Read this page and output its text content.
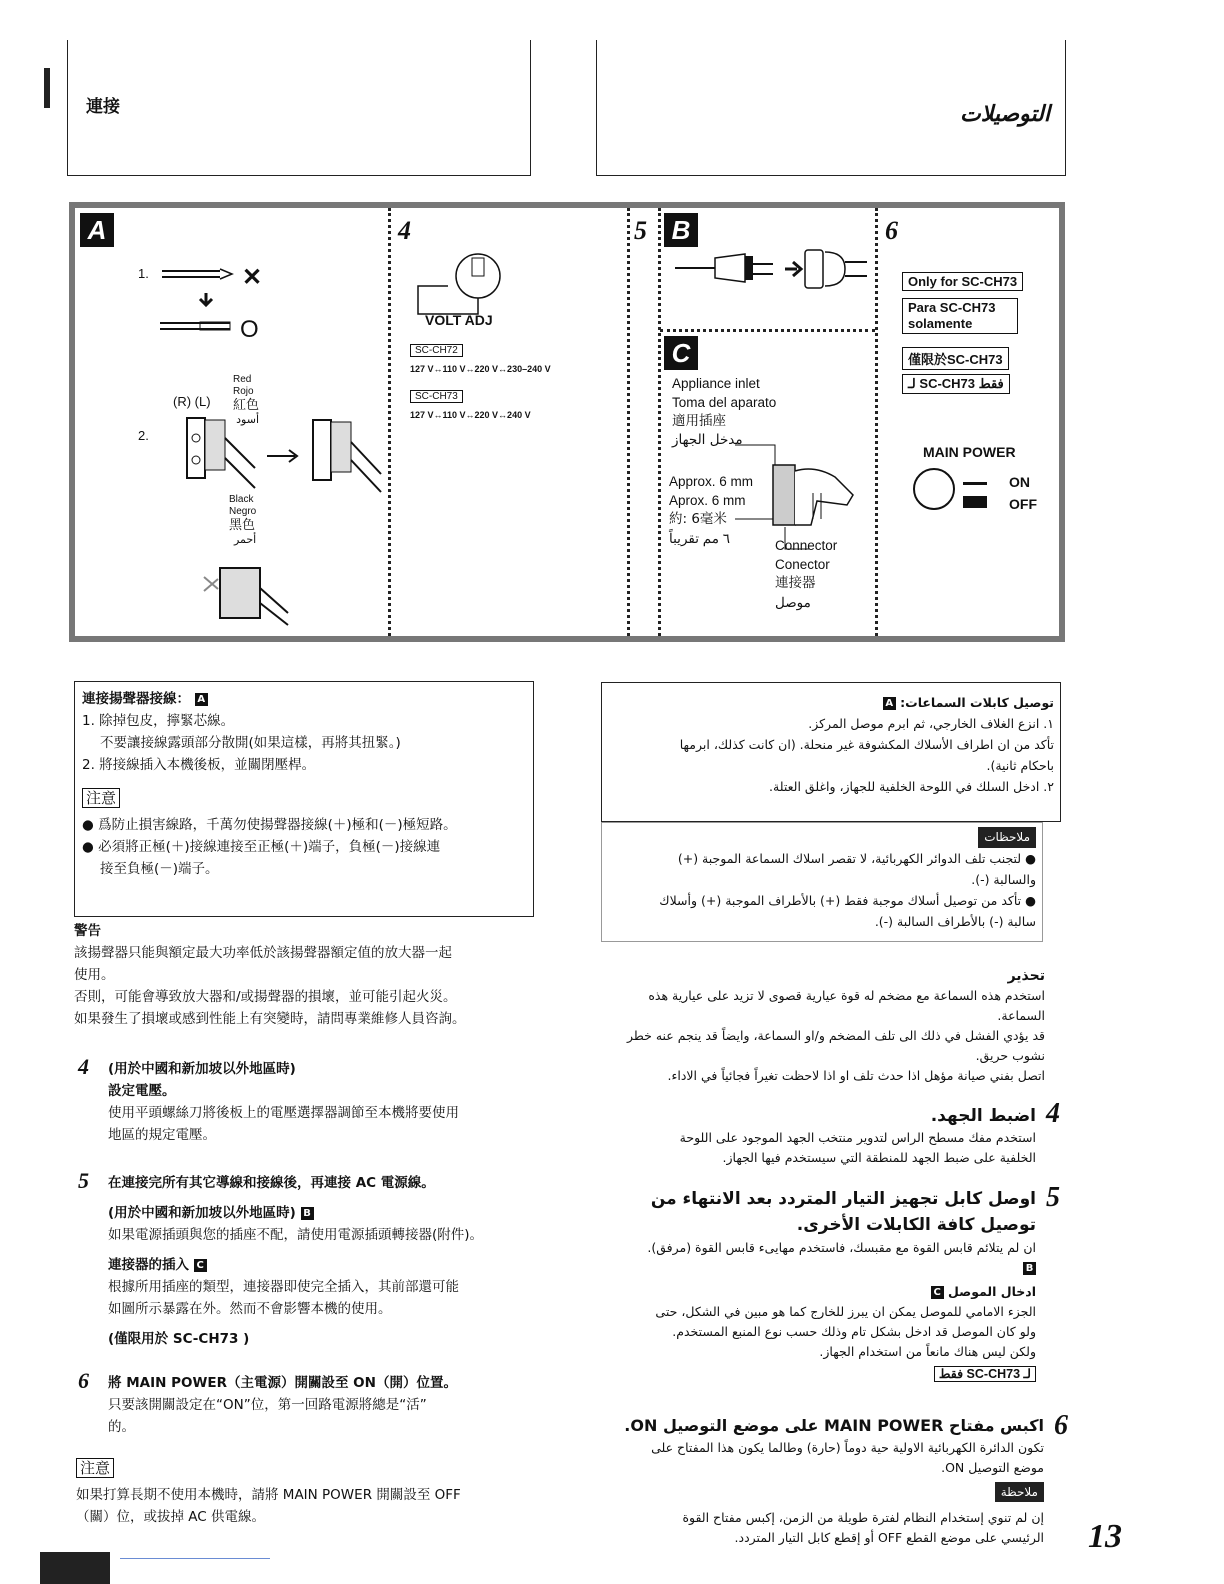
連接	التوصيلات
A
1.	✕
O
2.
(R) (L)
Red
Rojo
紅色
أسود
Black
Negro
黑色
أحمر
4
VOLT ADJ
SC-CH72
127 V↔110 V↔220 V↔230–240 V
SC-CH73
127 V↔110 V↔220 V↔240 V
5 B
C
Appliance inlet
Toma del aparato
適用插座
مدخل الجهاز
Approx. 6 mm
Aprox. 6 mm
約: 6毫米
٦ مم تقريباً	Connector
Conector
連接器
موصل
6
Only for SC-CH73
Para SC-CH73 solamente
僅限於SC-CH73
لـ SC-CH73 فقط
MAIN POWER
ON
OFF
連接揚聲器接線： A
1. 除掉包皮，擰緊芯線。
不要讓接線露頭部分散開(如果這樣，再將其扭緊。)
2. 將接線插入本機後板，並關閉壓桿。
注意
● 爲防止損害線路，千萬勿使揚聲器接線(＋)極和(－)極短路。
● 必須將正極(＋)接線連接至正極(＋)端子，負極(－)接線連
接至負極(－)端子。
警告
該揚聲器只能與額定最大功率低於該揚聲器額定值的放大器一起
使用。
否則，可能會導致放大器和/或揚聲器的損壞，並可能引起火災。
如果發生了損壞或感到性能上有突變時，請問專業維修人員咨詢。
4 (用於中國和新加坡以外地區時)
設定電壓。
使用平頭螺絲刀將後板上的電壓選擇器調節至本機將要使用
地區的規定電壓。
5 在連接完所有其它導線和接線後，再連接 AC 電源線。
(用於中國和新加坡以外地區時) B
如果電源插頭與您的插座不配，請使用電源插頭轉接器(附件)。
連接器的插入 C
根據所用插座的類型，連接器即使完全插入，其前部還可能
如圖所示暴露在外。然而不會影響本機的使用。
(僅限用於 SC-CH73 )
6 將 MAIN POWER（主電源）開關設至 ON（開）位置。
只要該開關設定在“ON”位，第一回路電源將總是“活”
的。
注意
如果打算長期不使用本機時，請將 MAIN POWER 開關設至 OFF
（關）位，或拔掉 AC 供電線。
توصيل كابلات السماعات: A
١. انزع الغلاف الخارجي، ثم ابرم موصل المركز.
تأكد من ان اطراف الأسلاك المكشوفة غير منحلة. (ان كانت كذلك، ابرمها
باحكام ثانية).
٢. ادخل السلك في اللوحة الخلفية للجهاز، واغلق العتلة.
ملاحظات
● لتجنب تلف الدوائر الكهربائية، لا تقصر اسلاك السماعة الموجبة (+)
والسالبة (-).
● تأكد من توصيل أسلاك موجبة فقط (+) بالأطراف الموجبة (+) وأسلاك
سالبة (-) بالأطراف السالبة (-).
تحذير
استخدم هذه السماعة مع مضخم له قوة عيارية قصوى لا تزيد على عيارية هذه
السماعة.
قد يؤدي الفشل في ذلك الى تلف المضخم و/او السماعة، وايضاً قد ينجم عنه خطر
نشوب حريق.
اتصل بفني صيانة مؤهل اذا حدث تلف او اذا لاحظت تغيراً فجائياً في الاداء.
4
اضبط الجهد.
استخدم مفك مسطح الراس لتدوير منتخب الجهد الموجود على اللوحة
الخلفية على ضبط الجهد للمنطقة التي سيستخدم فيها الجهاز.
5
اوصل كابل تجهيز التيار المتردد بعد الانتهاء من
توصيل كافة الكابلات الأخرى.
ان لم يتلائم قابس القوة مع مقبسك، فاستخدم مهايىء قابس القوة (مرفق).
B
ادخال الموصل C
الجزء الامامي للموصل يمكن ان يبرز للخارج كما هو مبين في الشكل، حتى
ولو كان الموصل قد ادخل بشكل تام وذلك حسب نوع المنبع المستخدم.
ولكن ليس هناك مانعاً من استخدام الجهاز.
لـ SC-CH73 فقط
6
اكبس مفتاح MAIN POWER على موضع التوصيل ON.
تكون الدائرة الكهربائية الاولية حية دوماً (حارة) وطالما يكون هذا المفتاح على
موضع التوصيل ON.
ملاحظة
إن لم تنوي إستخدام النظام لفترة طويلة من الزمن، إكبس مفتاح القوة
الرئيسي على موضع القطع OFF أو إقطع كابل التيار المتردد. 13
